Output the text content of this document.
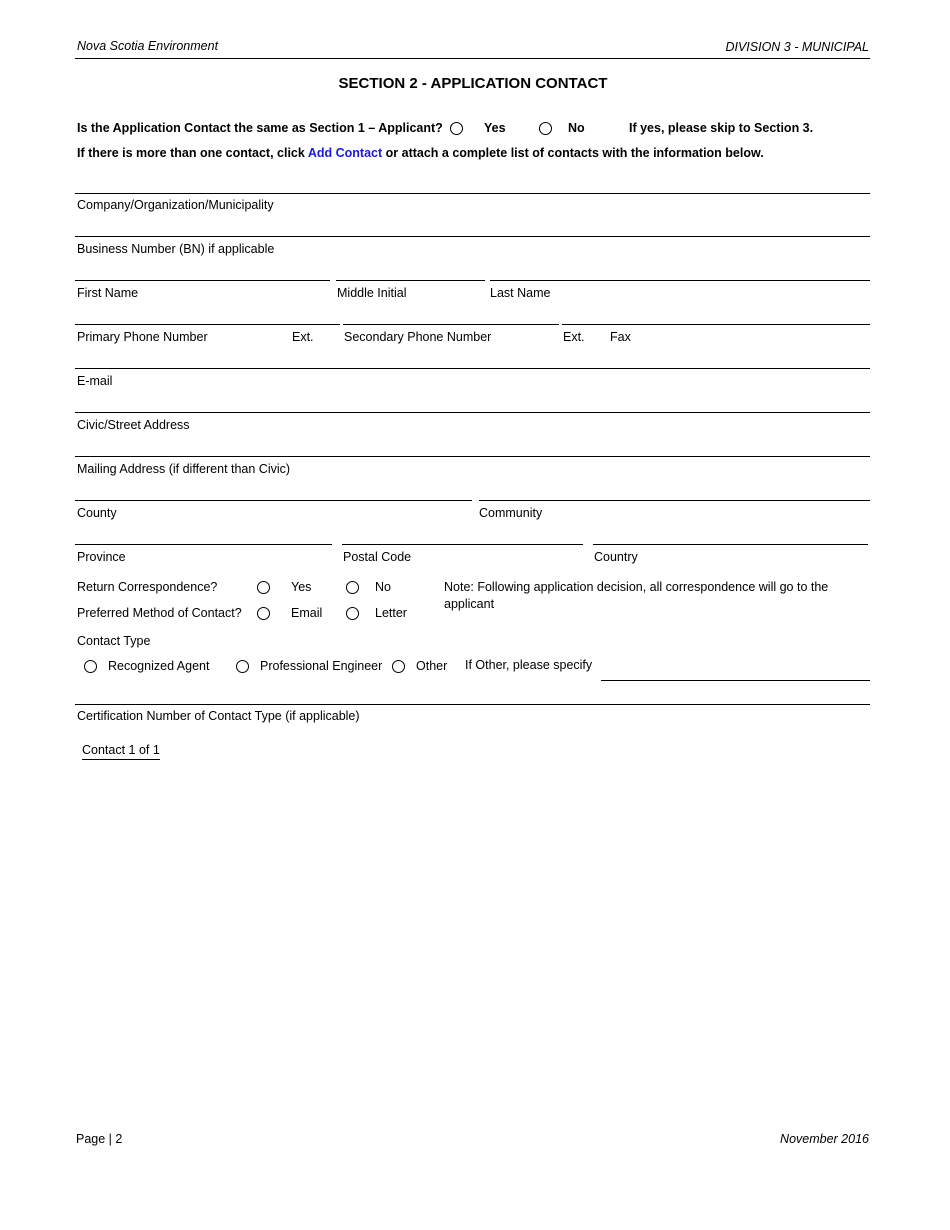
Nova Scotia Environment	DIVISION 3 - MUNICIPAL
SECTION 2 - APPLICATION CONTACT
Is the Application Contact the same as Section 1 – Applicant?	Yes	No	If yes, please skip to Section 3.
If there is more than one contact, click Add Contact or attach a complete list of contacts with the information below.
Company/Organization/Municipality
Business Number (BN) if applicable
First Name	Middle Initial	Last Name
Primary Phone Number	Ext. Secondary Phone Number	Ext. Fax
E-mail
Civic/Street Address
Mailing Address (if different than Civic)
County	Community
Province	Postal Code	Country
Return Correspondence?	Yes	No	Note: Following application decision, all correspondence will go to the
applicant
Preferred Method of Contact?	Email	Letter
Contact Type
Recognized Agent	Professional Engineer	Other If Other, please specify
Certification Number of Contact Type (if applicable)
Contact 1 of 1
Page | 2	November 2016
